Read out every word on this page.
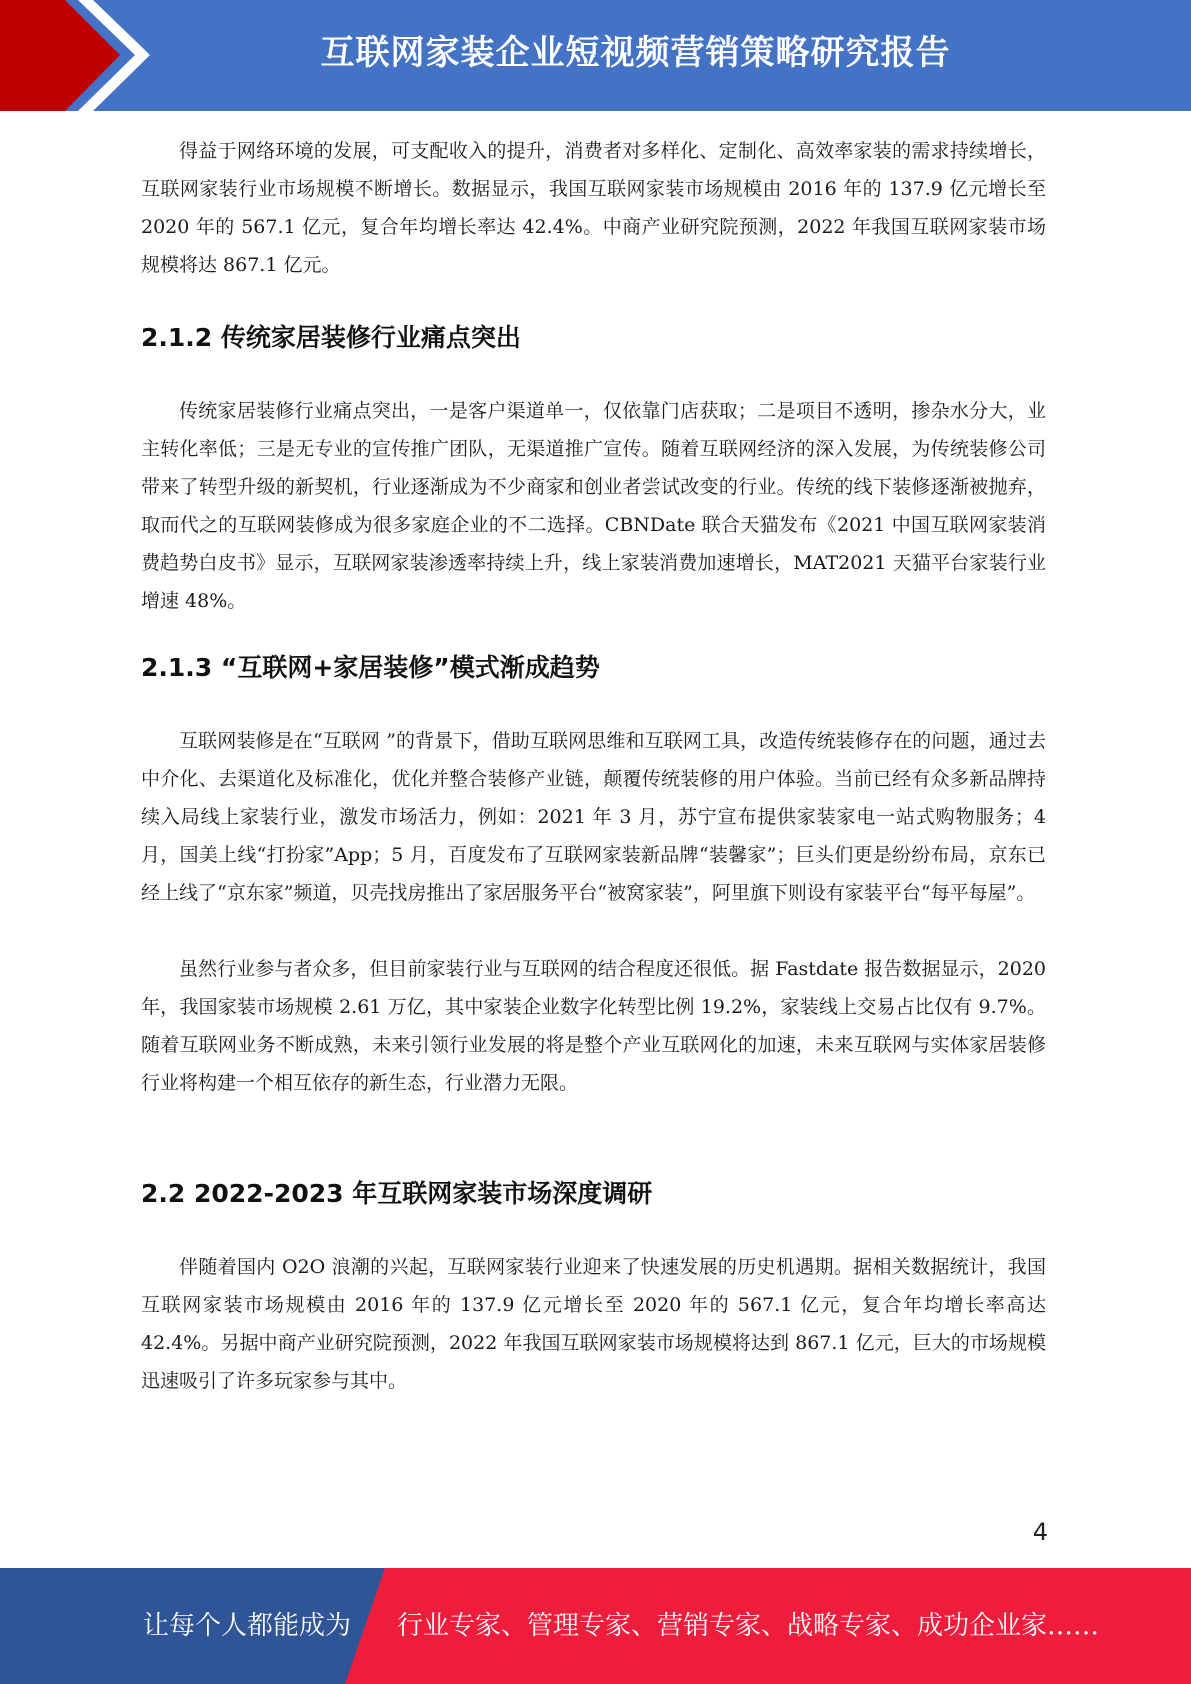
互联网家装企业短视频营销策略研究报告

得益于网络环境的发展，可支配收入的提升，消费者对多样化、定制化、高效率家装的需求持续增长，互联网家装行业市场规模不断增长。数据显示，我国互联网家装市场规模由 2016 年的 137.9 亿元增长至 2020 年的 567.1 亿元，复合年均增长率达 42.4%。中商产业研究院预测，2022 年我国互联网家装市场规模将达 867.1 亿元。

2.1.2 传统家居装修行业痛点突出

传统家居装修行业痛点突出，一是客户渠道单一，仅依靠门店获取；二是项目不透明，掺杂水分大，业主转化率低；三是无专业的宣传推广团队，无渠道推广宣传。随着互联网经济的深入发展，为传统装修公司带来了转型升级的新契机，行业逐渐成为不少商家和创业者尝试改变的行业。传统的线下装修逐渐被抛弃，取而代之的互联网装修成为很多家庭企业的不二选择。CBNDate 联合天猫发布《2021 中国互联网家装消费趋势白皮书》显示，互联网家装渗透率持续上升，线上家装消费加速增长，MAT2021 天猫平台家装行业增速 48%。

2.1.3 “互联网+家居装修”模式渐成趋势

互联网装修是在“互联网 ”的背景下，借助互联网思维和互联网工具，改造传统装修存在的问题，通过去中介化、去渠道化及标准化，优化并整合装修产业链，颠覆传统装修的用户体验。当前已经有众多新品牌持续入局线上家装行业，激发市场活力，例如：2021 年 3 月，苏宁宣布提供家装家电一站式购物服务；4 月，国美上线“打扮家”App；5 月，百度发布了互联网家装新品牌“装馨家”；巨头们更是纷纷布局，京东已经上线了“京东家”频道，贝壳找房推出了家居服务平台“被窝家装”，阿里旗下则设有家装平台“每平每屋”。

虽然行业参与者众多，但目前家装行业与互联网的结合程度还很低。据 Fastdate 报告数据显示，2020 年，我国家装市场规模 2.61 万亿，其中家装企业数字化转型比例 19.2%，家装线上交易占比仅有 9.7%。随着互联网业务不断成熟，未来引领行业发展的将是整个产业互联网化的加速，未来互联网与实体家居装修行业将构建一个相互依存的新生态，行业潜力无限。

2.2 2022-2023 年互联网家装市场深度调研

伴随着国内 O2O 浪潮的兴起，互联网家装行业迎来了快速发展的历史机遇期。据相关数据统计，我国互联网家装市场规模由 2016 年的 137.9 亿元增长至 2020 年的 567.1 亿元，复合年均增长率高达 42.4%。另据中商产业研究院预测，2022 年我国互联网家装市场规模将达到 867.1 亿元，巨大的市场规模迅速吸引了许多玩家参与其中。

4
让每个人都能成为 行业专家、管理专家、营销专家、战略专家、成功企业家……
